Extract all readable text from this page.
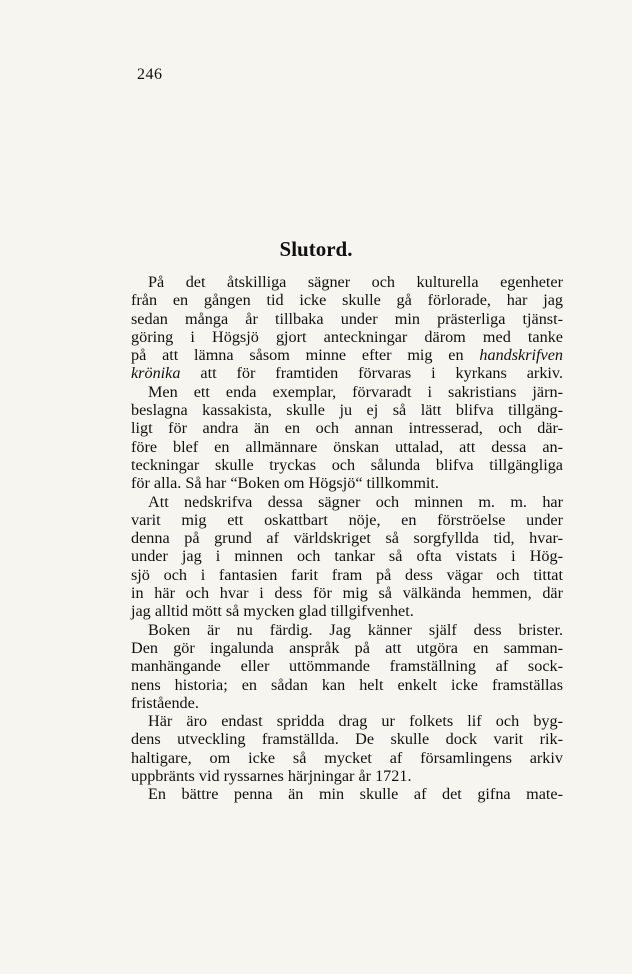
246
Slutord.
På det åtskilliga sägner och kulturella egenheter
från en gången tid icke skulle gå förlorade, har jag
sedan många år tillbaka under min prästerliga tjänst-
göring i Högsjö gjort anteckningar därom med tanke
på att lämna såsom minne efter mig en handskrifven
krönika att för framtiden förvaras i kyrkans arkiv.
Men ett enda exemplar, förvaradt i sakristians järn-
beslagna kassakista, skulle ju ej så lätt blifva tillgäng-
ligt för andra än en och annan intresserad, och där-
före blef en allmännare önskan uttalad, att dessa an-
teckningar skulle tryckas och sålunda blifva tillgängliga
för alla. Så har “Boken om Högsjö“ tillkommit.
Att nedskrifva dessa sägner och minnen m. m. har
varit mig ett oskattbart nöje, en förströelse under
denna på grund af världskriget så sorgfyllda tid, hvar-
under jag i minnen och tankar så ofta vistats i Hög-
sjö och i fantasien farit fram på dess vägar och tittat
in här och hvar i dess för mig så välkända hemmen, där
jag alltid mött så mycken glad tillgifvenhet.
Boken är nu färdig. Jag känner själf dess brister.
Den gör ingalunda anspråk på att utgöra en samman-
manhängande eller uttömmande framställning af sock-
nens historia; en sådan kan helt enkelt icke framställas
fristående.
Här äro endast spridda drag ur folkets lif och byg-
dens utveckling framställda. De skulle dock varit rik-
haltigare, om icke så mycket af församlingens arkiv
uppbränts vid ryssarnes härjningar år 1721.
En bättre penna än min skulle af det gifna mate-
